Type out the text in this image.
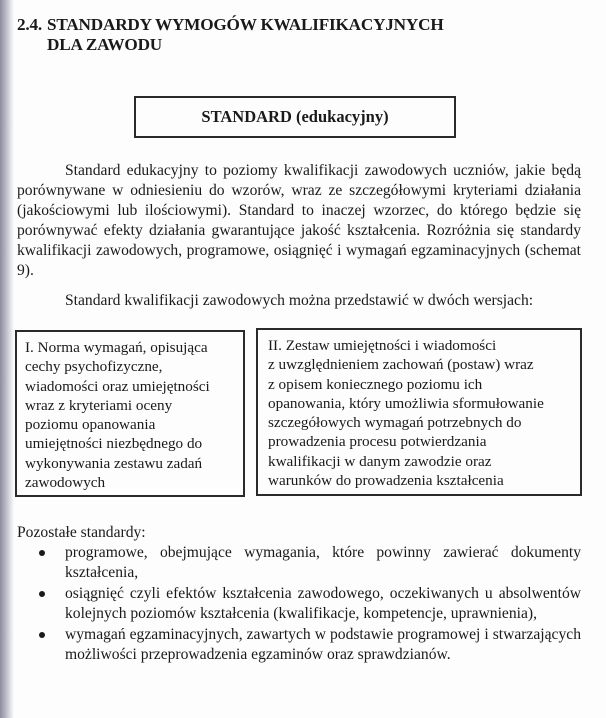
2.4. STANDARDY WYMOGÓW KWALIFIKACYJNYCH
DLA ZAWODU
STANDARD (edukacyjny)
Standard edukacyjny to poziomy kwalifikacji zawodowych uczniów, jakie będą porównywane w odniesieniu do wzorów, wraz ze szczegółowymi kryteriami działania (jakościowymi lub ilościowymi). Standard to inaczej wzorzec, do którego będzie się porównywać efekty działania gwarantujące jakość kształcenia. Rozróżnia się standardy kwalifikacji zawodowych, programowe, osiągnięć i wymagań egzaminacyjnych (schemat 9).
Standard kwalifikacji zawodowych można przedstawić w dwóch wersjach:
I. Norma wymagań, opisująca
cechy psychofizyczne,
wiadomości oraz umiejętności
wraz z kryteriami oceny
poziomu opanowania
umiejętności niezbędnego do
wykonywania zestawu zadań
zawodowych
II. Zestaw umiejętności i wiadomości
z uwzględnieniem zachowań (postaw) wraz
z opisem koniecznego poziomu ich
opanowania, który umożliwia sformułowanie
szczegółowych wymagań potrzebnych do
prowadzenia procesu potwierdzania
kwalifikacji w danym zawodzie oraz
warunków do prowadzenia kształcenia
Pozostałe standardy:
programowe, obejmujące wymagania, które powinny zawierać dokumenty kształcenia,
osiągnięć czyli efektów kształcenia zawodowego, oczekiwanych u absolwentów kolejnych poziomów kształcenia (kwalifikacje, kompetencje, uprawnienia),
wymagań egzaminacyjnych, zawartych w podstawie programowej i stwarzających możliwości przeprowadzenia egzaminów oraz sprawdzianów.
